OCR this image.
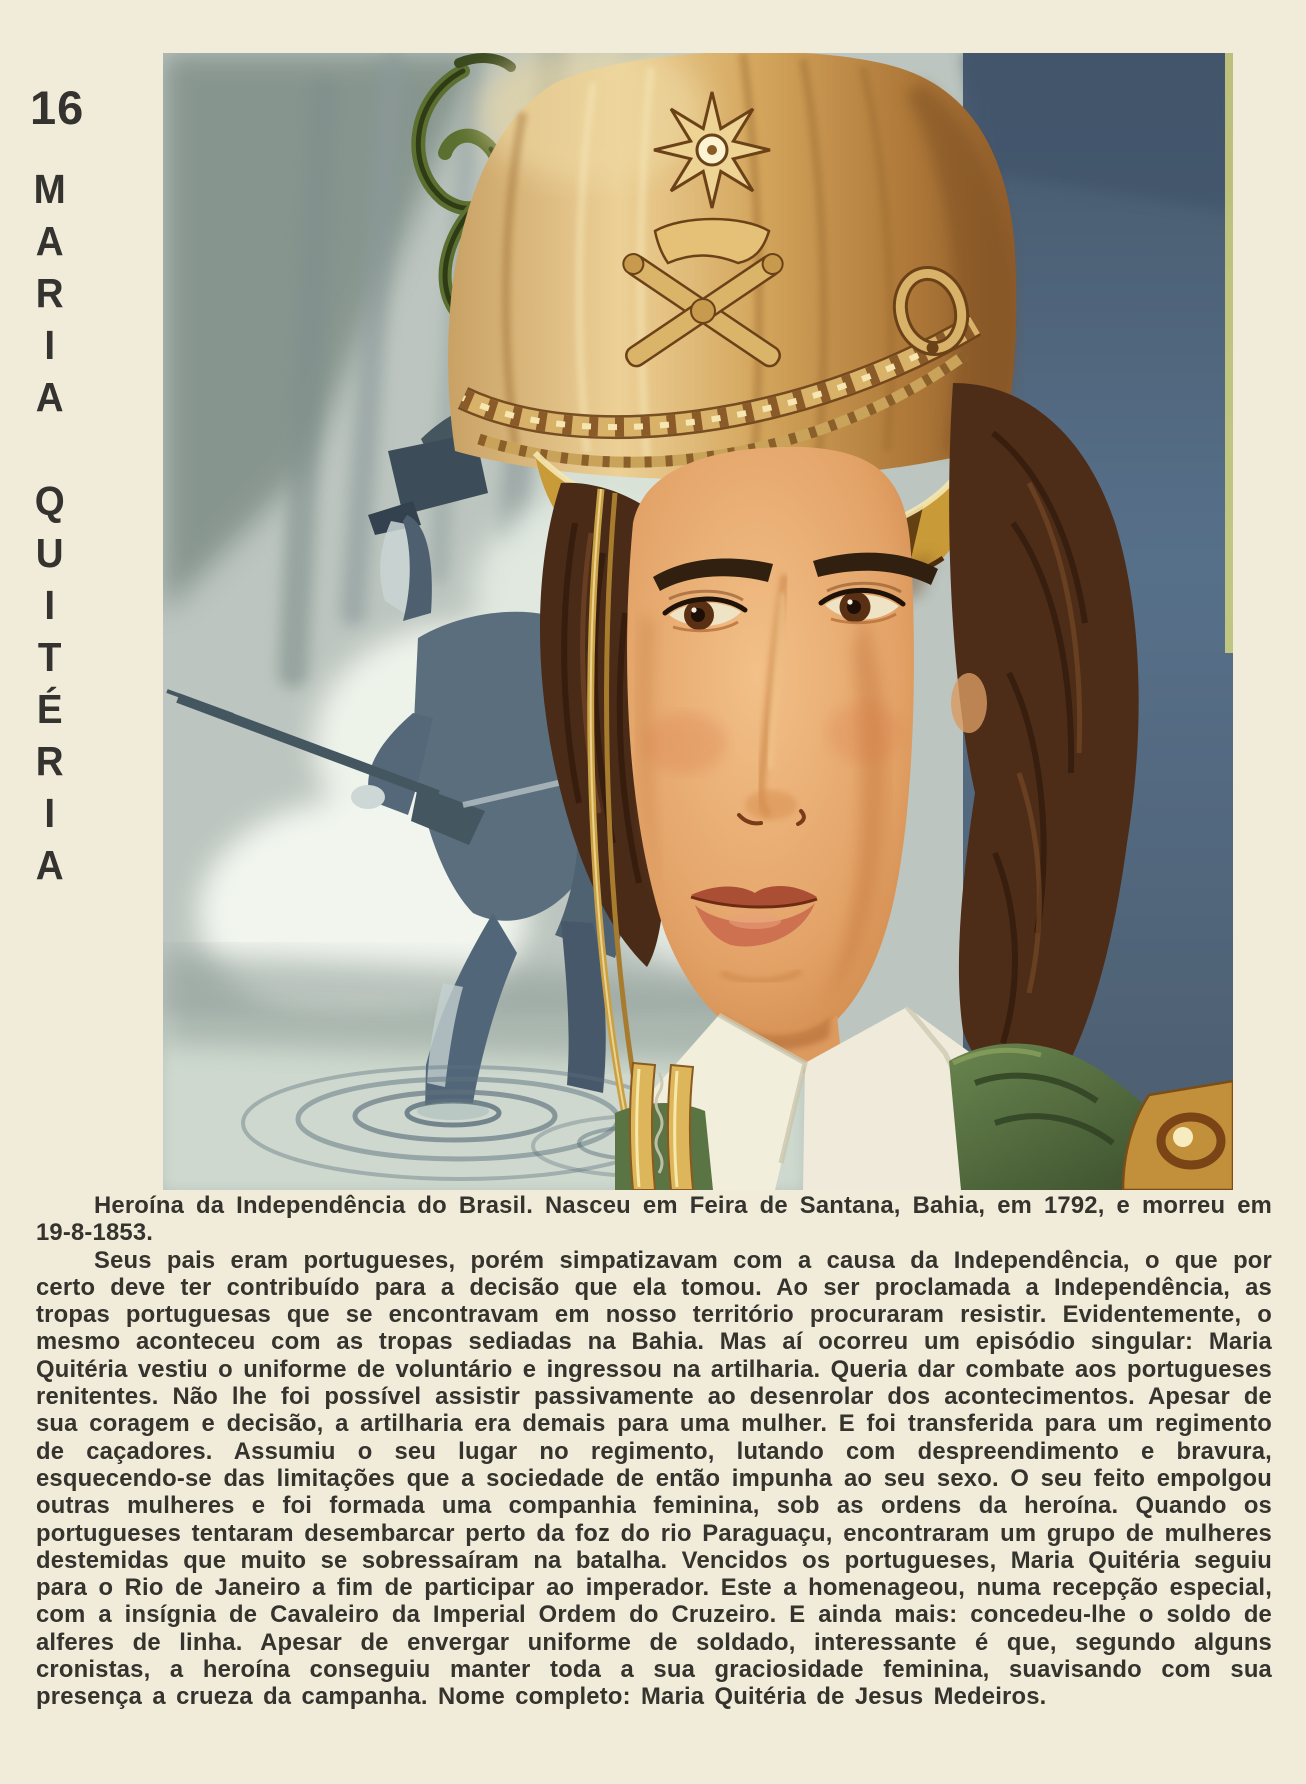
16
MARIA QUITÉRIA

Heroína da Independência do Brasil. Nasceu em Feira de Santana, Bahia, em 1792, e morreu em 19-8-1853.

Seus pais eram portugueses, porém simpatizavam com a causa da Independência, o que por certo deve ter contribuído para a decisão que ela tomou. Ao ser proclamada a Independência, as tropas portuguesas que se encontravam em nosso território procuraram resistir. Evidentemente, o mesmo aconteceu com as tropas sediadas na Bahia. Mas aí ocorreu um episódio singular: Maria Quitéria vestiu o uniforme de voluntário e ingressou na artilharia. Queria dar combate aos portugueses renitentes. Não lhe foi possível assistir passivamente ao desenrolar dos acontecimentos. Apesar de sua coragem e decisão, a artilharia era demais para uma mulher. E foi transferida para um regimento de caçadores. Assumiu o seu lugar no regimento, lutando com despreendimento e bravura, esquecendo-se das limitações que a sociedade de então impunha ao seu sexo. O seu feito empolgou outras mulheres e foi formada uma companhia feminina, sob as ordens da heroína. Quando os portugueses tentaram desembarcar perto da foz do rio Paraguaçu, encontraram um grupo de mulheres destemidas que muito se sobressaíram na batalha. Vencidos os portugueses, Maria Quitéria seguiu para o Rio de Janeiro a fim de participar ao imperador. Este a homenageou, numa recepção especial, com a insígnia de Cavaleiro da Imperial Ordem do Cruzeiro. E ainda mais: concedeu-lhe o soldo de alferes de linha. Apesar de envergar uniforme de soldado, interessante é que, segundo alguns cronistas, a heroína conseguiu manter toda a sua graciosidade feminina, suavisando com sua presença a crueza da campanha. Nome completo: Maria Quitéria de Jesus Medeiros.
